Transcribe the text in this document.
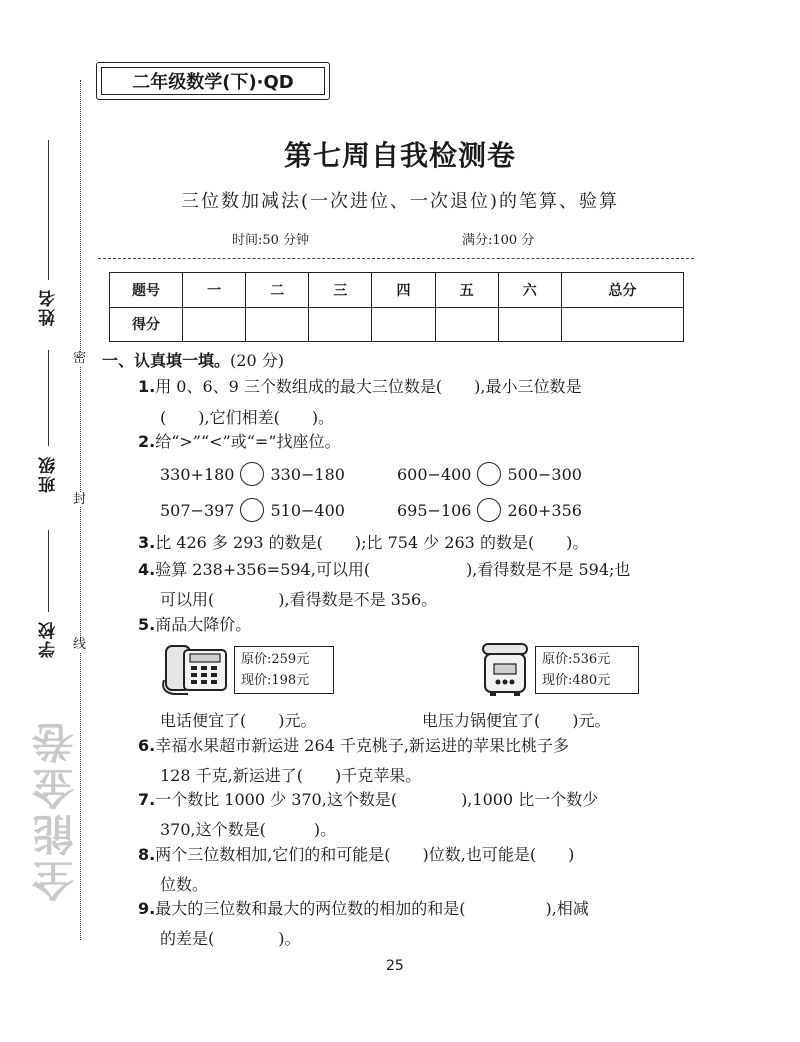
姓名
班级
学校
密
封
线
全能金卷
二年级数学(下)·QD
第七周自我检测卷
三位数加减法(一次进位、一次退位)的笔算、验算
时间:50 分钟	满分:100 分
题号	一	二	三	四	五	六	总分
得分							
一、认真填一填。(20 分)
1.用 0、6、9 三个数组成的最大三位数是(　　),最小三位数是
(　　),它们相差(　　)。
2.给“>”“<”或“=”找座位。
330+180 330−180	600−400 500−300
507−397 510−400	695−106 260+356
3.比 426 多 293 的数是(　　);比 754 少 263 的数是(　　)。
4.验算 238+356=594,可以用(　　　　　　),看得数是不是 594;也
可以用(　　　　),看得数是不是 356。
5.商品大降价。
原价:259元
现价:198元
原价:536元
现价:480元
电话便宜了(　　)元。	电压力锅便宜了(　　)元。
6.幸福水果超市新运进 264 千克桃子,新运进的苹果比桃子多
128 千克,新运进了(　　)千克苹果。
7.一个数比 1000 少 370,这个数是(　　　　),1000 比一个数少
370,这个数是(　　　)。
8.两个三位数相加,它们的和可能是(　　)位数,也可能是(　　)
位数。
9.最大的三位数和最大的两位数的相加的和是(　　　　　),相减
的差是(　　　　)。
25
